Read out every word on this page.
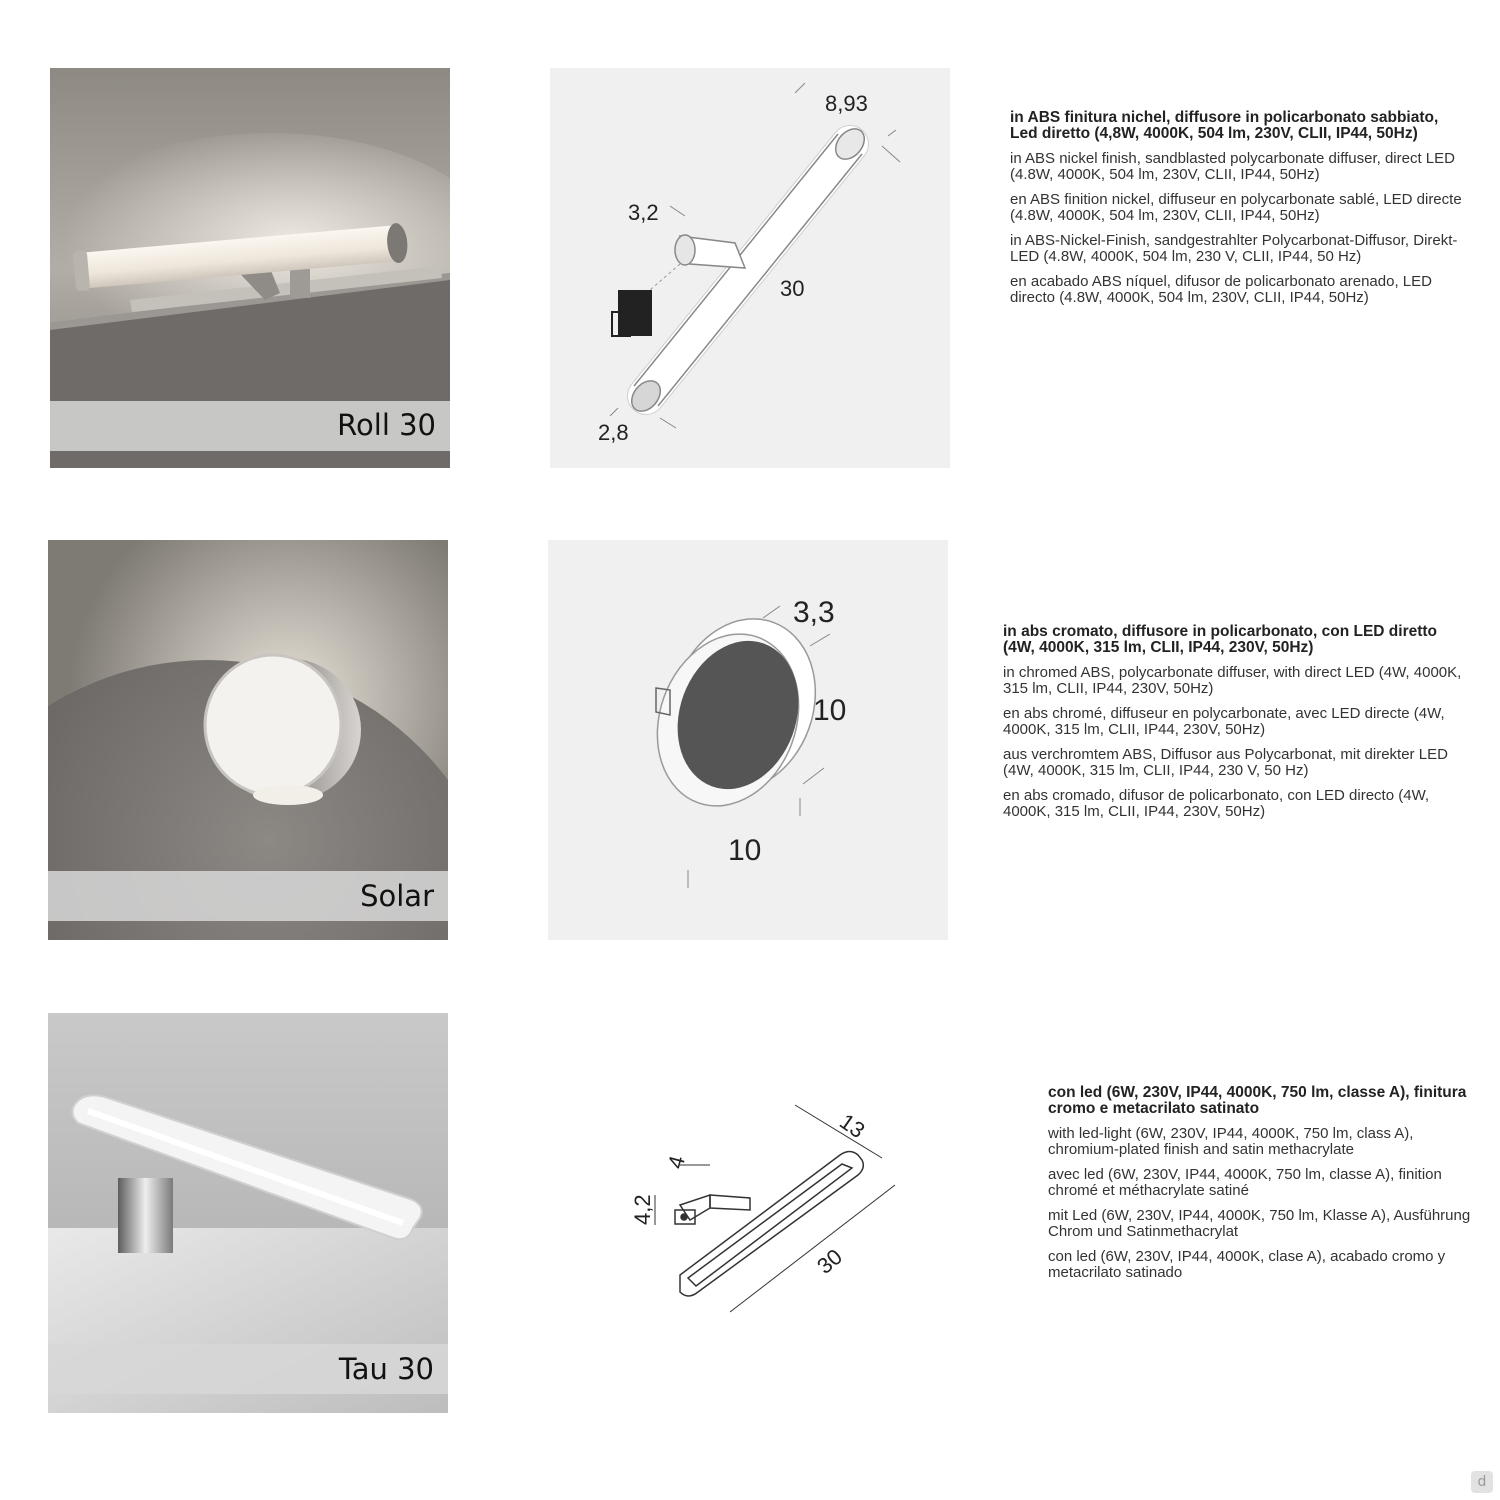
Roll 30
8,93
3,2
30
2,8
in ABS finitura nichel, diffusore in policarbonato sabbiato, Led diretto (4,8W, 4000K, 504 lm, 230V, CLII, IP44, 50Hz)
in ABS nickel finish, sandblasted polycarbonate diffuser, direct LED (4.8W, 4000K, 504 lm, 230V, CLII, IP44, 50Hz)
en ABS finition nickel, diffuseur en polycarbonate sablé, LED directe (4.8W, 4000K, 504 lm, 230V, CLII, IP44, 50Hz)
in ABS-Nickel-Finish, sandgestrahlter Polycarbonat-Diffusor, Direkt-LED (4.8W, 4000K, 504 lm, 230 V, CLII, IP44, 50 Hz)
en acabado ABS níquel, difusor de policarbonato arenado, LED directo (4.8W, 4000K, 504 lm, 230V, CLII, IP44, 50Hz)
Solar
3,3
10
10
in abs cromato, diffusore in policarbonato, con LED diretto (4W, 4000K, 315 lm, CLII, IP44, 230V, 50Hz)
in chromed ABS, polycarbonate diffuser, with direct LED (4W, 4000K, 315 lm, CLII, IP44, 230V, 50Hz)
en abs chromé, diffuseur en polycarbonate, avec LED directe (4W, 4000K, 315 lm, CLII, IP44, 230V, 50Hz)
aus verchromtem ABS, Diffusor aus Polycarbonat, mit direkter LED (4W, 4000K, 315 lm, CLII, IP44, 230 V, 50 Hz)
en abs cromado, difusor de policarbonato, con LED directo (4W, 4000K, 315 lm, CLII, IP44, 230V, 50Hz)
Tau 30
13
4
4,2
30
con led (6W, 230V, IP44, 4000K, 750 lm, classe A), finitura cromo e metacrilato satinato
with led-light (6W, 230V, IP44, 4000K, 750 lm, class A), chromium-plated finish and satin methacrylate
avec led (6W, 230V, IP44, 4000K, 750 lm, classe A), finition chromé et méthacrylate satiné
mit Led (6W, 230V, IP44, 4000K, 750 lm, Klasse A), Ausführung Chrom und Satinmethacrylat
con led (6W, 230V, IP44, 4000K, clase A), acabado cromo y metacrilato satinado
d
